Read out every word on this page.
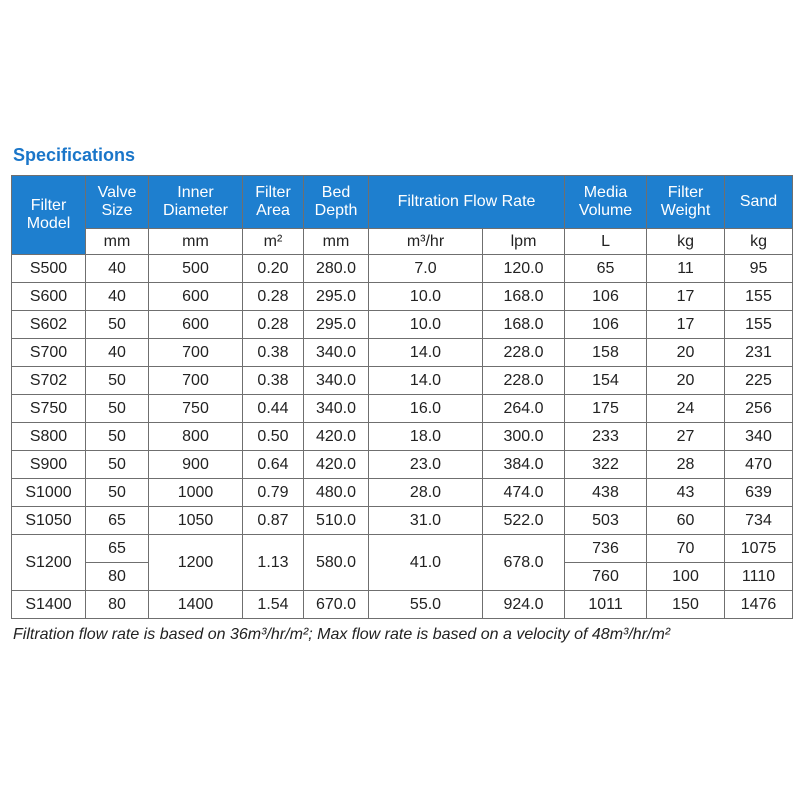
Specifications
Filter Model	Valve Size	Inner Diameter	Filter Area	Bed Depth	Filtration Flow Rate		Media Volume	Filter Weight	Sand
	mm	mm	m²	mm	m³/hr	lpm	L	kg	kg
S500	40	500	0.20	280.0	7.0	120.0	65	11	95
S600	40	600	0.28	295.0	10.0	168.0	106	17	155
S602	50	600	0.28	295.0	10.0	168.0	106	17	155
S700	40	700	0.38	340.0	14.0	228.0	158	20	231
S702	50	700	0.38	340.0	14.0	228.0	154	20	225
S750	50	750	0.44	340.0	16.0	264.0	175	24	256
S800	50	800	0.50	420.0	18.0	300.0	233	27	340
S900	50	900	0.64	420.0	23.0	384.0	322	28	470
S1000	50	1000	0.79	480.0	28.0	474.0	438	43	639
S1050	65	1050	0.87	510.0	31.0	522.0	503	60	734
S1200	65	1200	1.13	580.0	41.0	678.0	736	70	1075
	80						760	100	1110
S1400	80	1400	1.54	670.0	55.0	924.0	1011	150	1476
Filtration flow rate is based on 36m³/hr/m²; Max flow rate is based on a velocity of 48m³/hr/m²
